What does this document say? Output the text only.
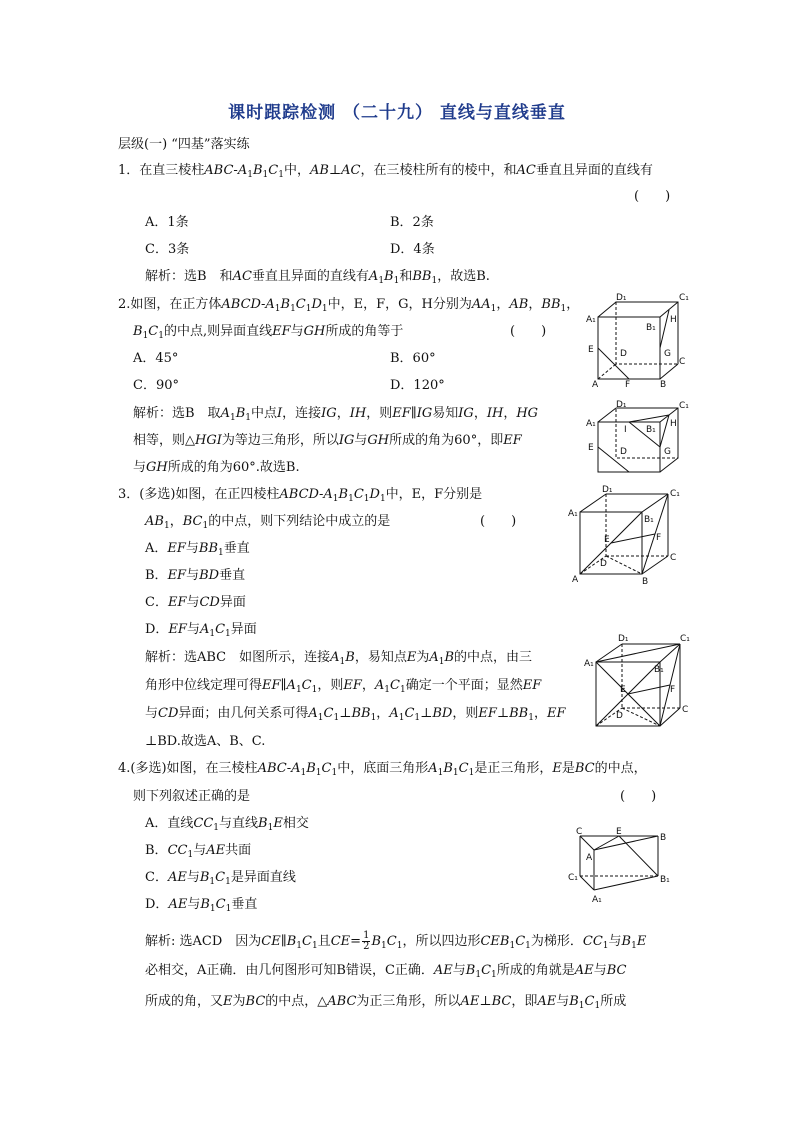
课时跟踪检测 （二十九） 直线与直线垂直
层级(一) “四基”落实练
1．在直三棱柱ABC-$A_1B_1C_1$中，AB⊥AC，在三棱柱所有的棱中，和AC垂直且异面的直线有
(　　)
A．1条	B．2条
C．3条	D．4条
解析：选B　和AC垂直且异面的直线有$A_1B_1$和$BB_1$，故选B.
2.如图，在正方体ABCD-$A_1B_1C_1D_1$中，E，F，G，H分别为$AA_1$，AB，$BB_1$，
$B_1C_1$的中点,则异面直线EF与GH所成的角等于	(　　)
A．45°	B．60°
C．90°	D．120°
解析：选B　取$A_1B_1$中点I，连接IG，IH，则EF∥IG易知IG，IH，HG
相等，则△HGI为等边三角形，所以IG与GH所成的角为60°，即EF
与GH所成的角为60°.故选B.
3．(多选)如图，在正四棱柱ABCD-$A_1B_1C_1D_1$中，E，F分别是
$AB_1$，$BC_1$的中点，则下列结论中成立的是	(　　)
A．EF与$BB_1$垂直
B．EF与BD垂直
C．EF与CD异面
D．EF与$A_1C_1$异面
解析：选ABC　如图所示，连接$A_1B$，易知点E为$A_1B$的中点，由三
角形中位线定理可得$EF\parallel A_1C_1$，则EF，$A_1C_1$确定一个平面；显然EF
与CD异面；由几何关系可得$A_1C_1\perp BB_1$，$A_1C_1\perp BD$，则$EF\perp BB_1$，EF
⊥BD.故选A、B、C.
4.(多选)如图，在三棱柱ABC-$A_1B_1C_1$中，底面三角形$A_1B_1C_1$是正三角形，E是BC的中点，
则下列叙述正确的是	(　　)
A．直线$CC_1$与直线$B_1E$相交
B．$CC_1$与AE共面
C．AE与$B_1C_1$是异面直线
D．AE与$B_1C_1$垂直
解析: 选ACD　因为$CE\parallel B_1C_1$且$CE= \frac{1}{2} B_1C_1$，所以四边形$CEB_1C_1$为梯形．$CC_1$与$B_1E$
必相交，A正确．由几何图形可知B错误，C正确．AE与$B_1C_1$所成的角就是AE与BC
所成的角，又E为BC的中点，△ABC为正三角形，所以AE⊥BC，即AE与$B_1C_1$所成
D₁	C₁
A₁
B₁
H
E	D	G
C
A	F	B
D₁	C₁
A₁
I B₁
H
E	D	G
D₁	C₁
A₁
B₁
E	F
D
C
A	B
D₁	C₁
A₁
B₁
E	F
D
C
C	E
B
A
C₁	B₁
A₁
